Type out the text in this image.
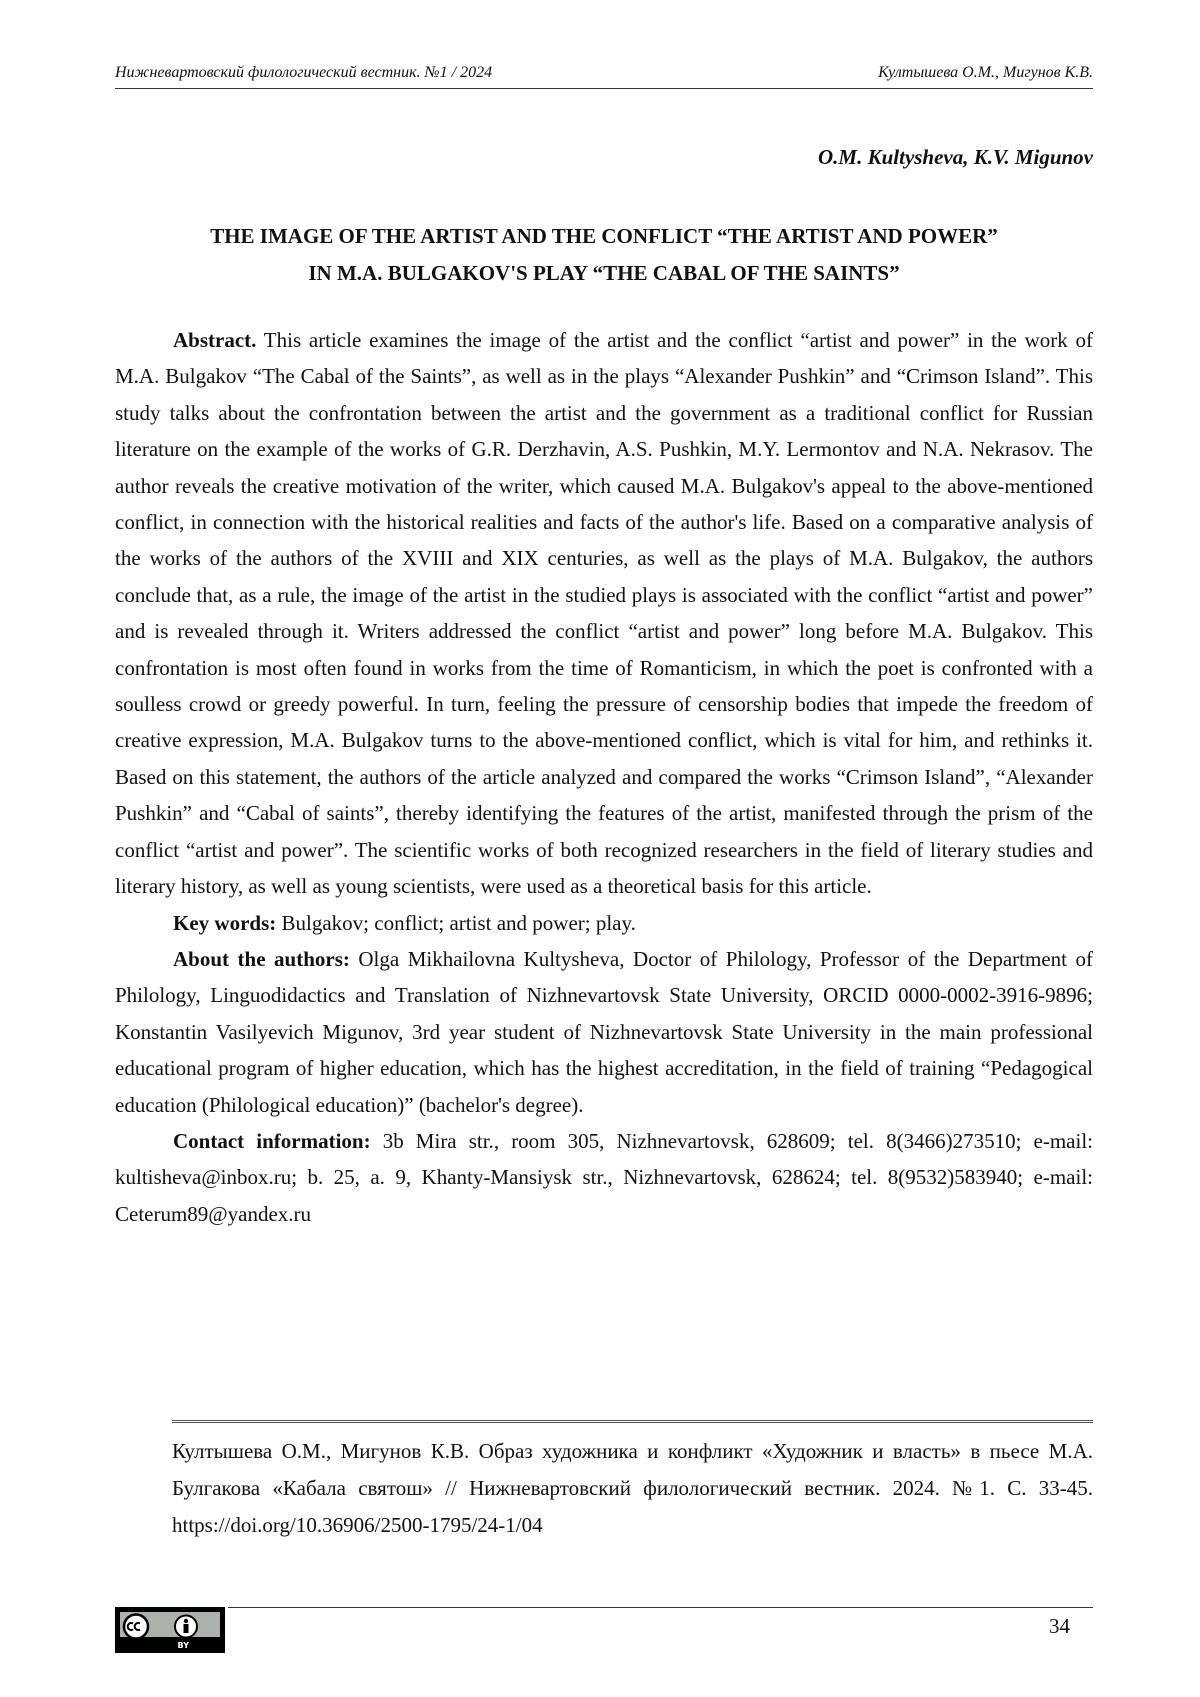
Нижневартовский филологический вестник. №1 / 2024	Култышева О.М., Мигунов К.В.
O.M. Kultysheva, K.V. Migunov
THE IMAGE OF THE ARTIST AND THE CONFLICT “THE ARTIST AND POWER”
IN M.A. BULGAKOV'S PLAY “THE CABAL OF THE SAINTS”

Abstract. This article examines the image of the artist and the conflict “artist and power” in the work of M.A. Bulgakov “The Cabal of the Saints”, as well as in the plays “Alexander Pushkin” and “Crimson Island”. This study talks about the confrontation between the artist and the government as a traditional conflict for Russian literature on the example of the works of G.R. Derzhavin, A.S. Pushkin, M.Y. Lermontov and N.A. Nekrasov. The author reveals the creative motivation of the writer, which caused M.A. Bulgakov's appeal to the above-mentioned conflict, in connection with the historical realities and facts of the author's life. Based on a comparative analysis of the works of the authors of the XVIII and XIX centuries, as well as the plays of M.A. Bulgakov, the authors conclude that, as a rule, the image of the artist in the studied plays is associated with the conflict “artist and power” and is revealed through it. Writers addressed the conflict “artist and power” long before M.A. Bulgakov. This confrontation is most often found in works from the time of Romanticism, in which the poet is confronted with a soulless crowd or greedy powerful. In turn, feeling the pressure of censorship bodies that impede the freedom of creative expression, M.A. Bulgakov turns to the above-mentioned conflict, which is vital for him, and rethinks it. Based on this statement, the authors of the article analyzed and compared the works “Crimson Island”, “Alexander Pushkin” and “Cabal of saints”, thereby identifying the features of the artist, manifested through the prism of the conflict “artist and power”. The scientific works of both recognized researchers in the field of literary studies and literary history, as well as young scientists, were used as a theoretical basis for this article.

Key words: Bulgakov; conflict; artist and power; play.

About the authors: Olga Mikhailovna Kultysheva, Doctor of Philology, Professor of the Department of Philology, Linguodidactics and Translation of Nizhnevartovsk State University, ORCID 0000-0002-3916-9896; Konstantin Vasilyevich Migunov, 3rd year student of Nizhnevartovsk State University in the main professional educational program of higher education, which has the highest accreditation, in the field of training “Pedagogical education (Philological education)” (bachelor's degree).

Contact information: 3b Mira str., room 305, Nizhnevartovsk, 628609; tel. 8(3466)273510; e-mail: kultisheva@inbox.ru; b. 25, a. 9, Khanty-Mansiysk str., Nizhnevartovsk, 628624; tel. 8(9532)583940; e-mail: Ceterum89@yandex.ru

Култышева О.М., Мигунов К.В. Образ художника и конфликт «Художник и власть» в пьесе М.А. Булгакова «Кабала святош» // Нижневартовский филологический вестник. 2024. №1. С. 33-45. https://doi.org/10.36906/2500-1795/24-1/04
BY
34
